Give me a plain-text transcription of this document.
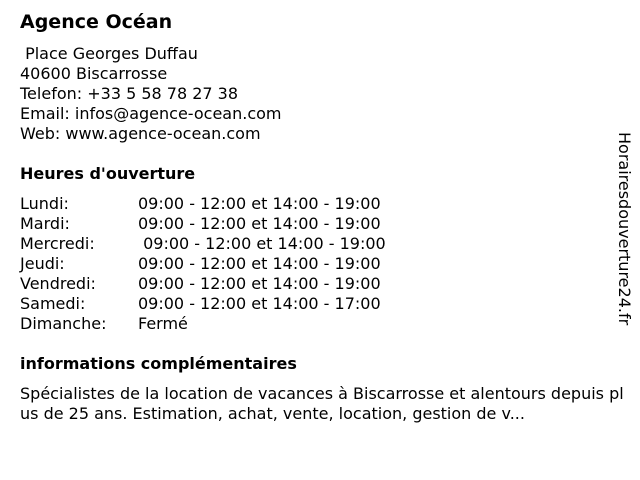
Agence Océan
Place Georges Duffau
40600 Biscarrosse
Telefon: +33 5 58 78 27 38
Email: infos@agence-ocean.com
Web: www.agence-ocean.com
Heures d'ouverture
Lundi:	09:00 - 12:00 et 14:00 - 19:00
Mardi:	09:00 - 12:00 et 14:00 - 19:00
Mercredi:	09:00 - 12:00 et 14:00 - 19:00
Jeudi:	09:00 - 12:00 et 14:00 - 19:00
Vendredi:	09:00 - 12:00 et 14:00 - 19:00
Samedi:	09:00 - 12:00 et 14:00 - 17:00
Dimanche: Fermé
informations complémentaires
Spécialistes de la location de vacances à Biscarrosse et alentours depuis plus de 25 ans. Estimation, achat, vente, location, gestion de v...
Horairesdouverture24.fr
